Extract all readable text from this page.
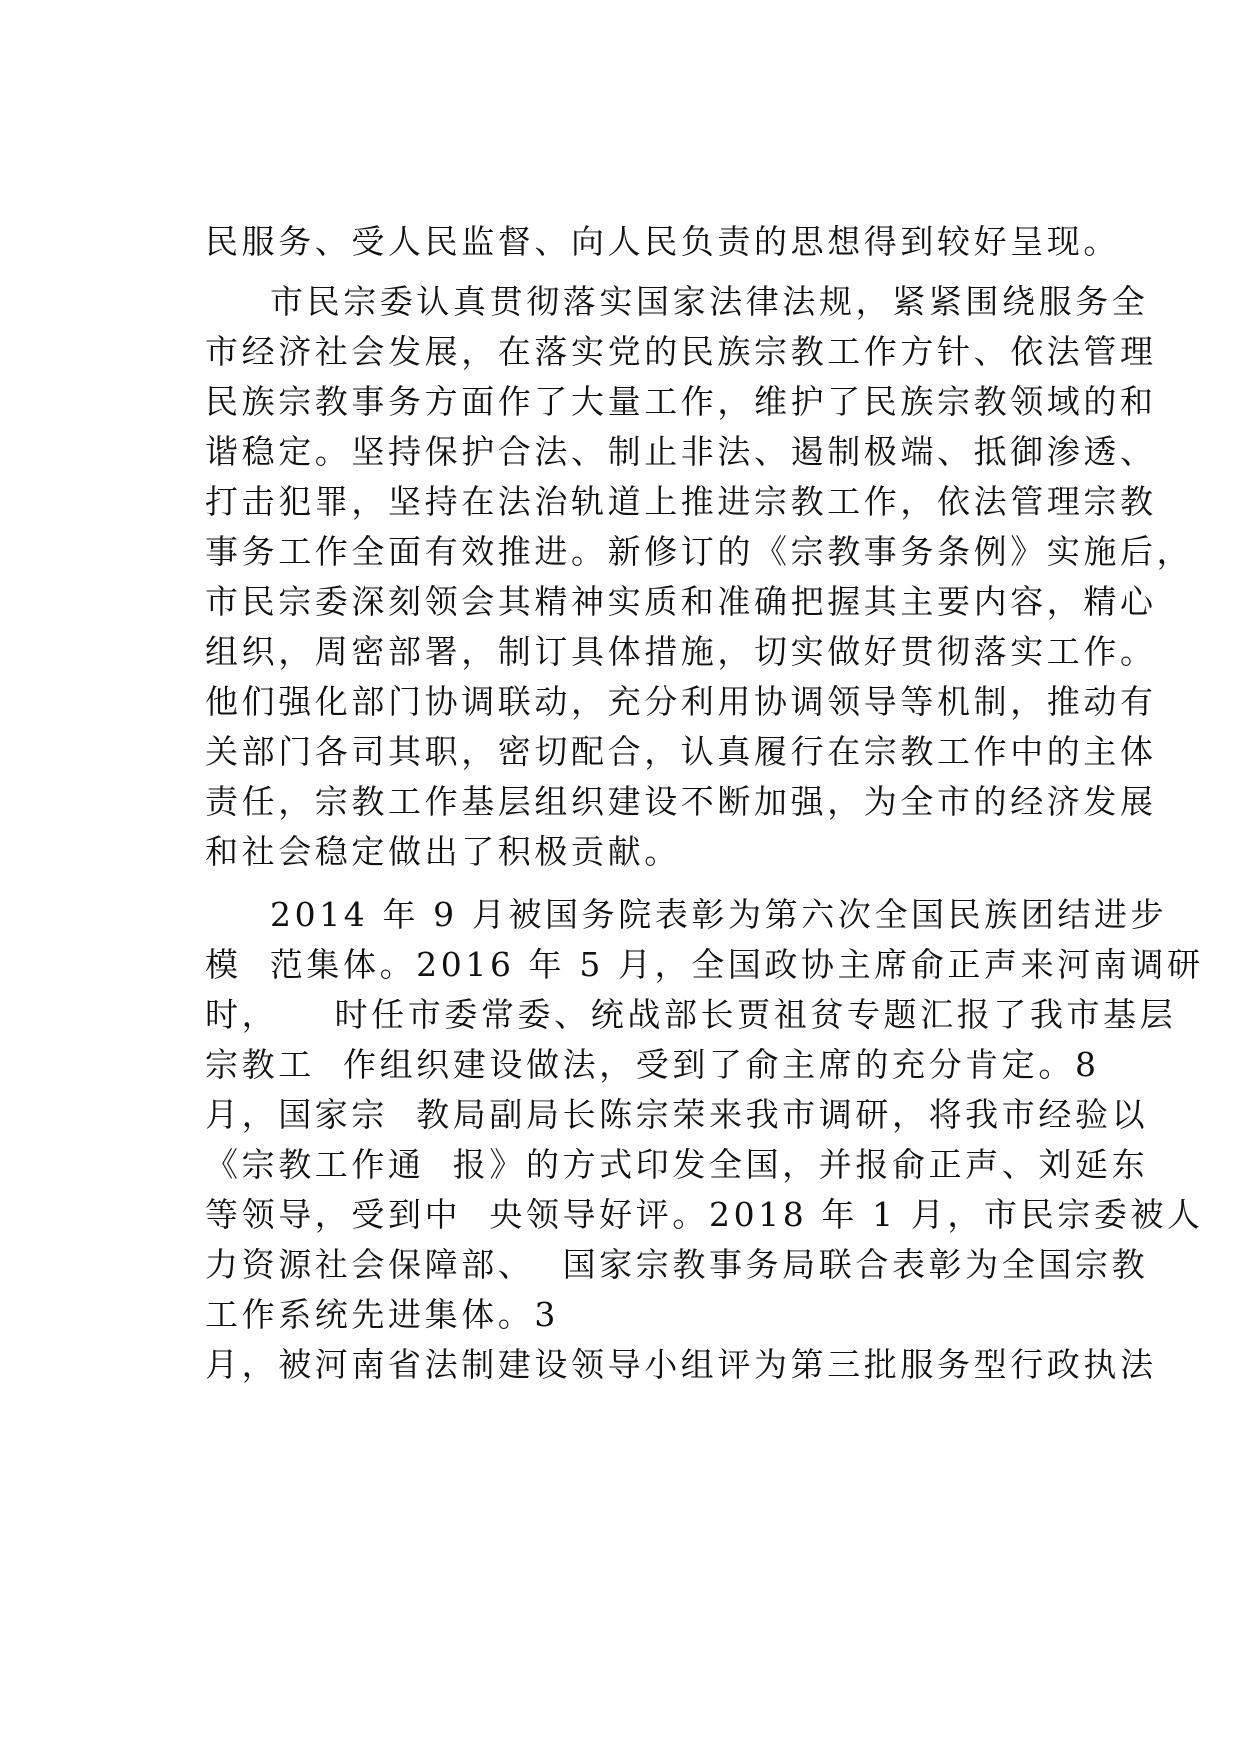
民服务、受人民监督、向人民负责的思想得到较好呈现。
市民宗委认真贯彻落实国家法律法规，紧紧围绕服务全
市经济社会发展，在落实党的民族宗教工作方针、依法管理
民族宗教事务方面作了大量工作，维护了民族宗教领域的和
谐稳定。坚持保护合法、制止非法、遏制极端、抵御渗透、
打击犯罪，坚持在法治轨道上推进宗教工作，依法管理宗教
事务工作全面有效推进。新修订的《宗教事务条例》实施后，
市民宗委深刻领会其精神实质和准确把握其主要内容，精心
组织，周密部署，制订具体措施，切实做好贯彻落实工作。
他们强化部门协调联动，充分利用协调领导等机制，推动有
关部门各司其职，密切配合，认真履行在宗教工作中的主体
责任，宗教工作基层组织建设不断加强，为全市的经济发展
和社会稳定做出了积极贡献。
2014 年 9 月被国务院表彰为第六次全国民族团结进步
模  范集体。2016 年 5 月，全国政协主席俞正声来河南调研
时，    时任市委常委、统战部长贾祖贫专题汇报了我市基层
宗教工  作组织建设做法，受到了俞主席的充分肯定。8
月，国家宗  教局副局长陈宗荣来我市调研，将我市经验以
《宗教工作通  报》的方式印发全国，并报俞正声、刘延东
等领导，受到中  央领导好评。2018 年 1 月，市民宗委被人
力资源社会保障部、  国家宗教事务局联合表彰为全国宗教
工作系统先进集体。3
月，被河南省法制建设领导小组评为第三批服务型行政执法
